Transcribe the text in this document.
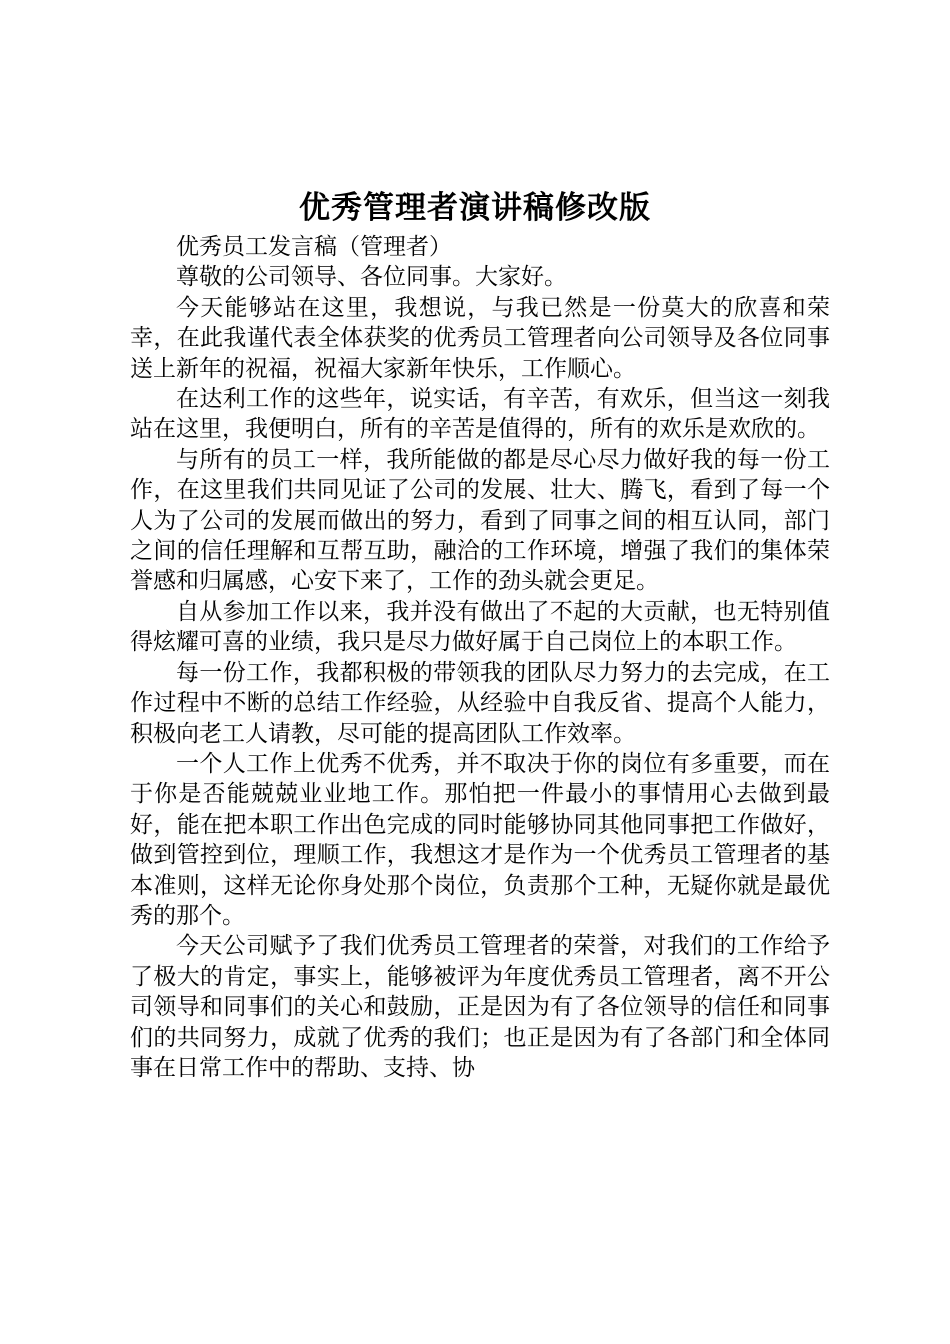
优秀管理者演讲稿修改版

优秀员工发言稿（管理者）

尊敬的公司领导、各位同事。大家好。

今天能够站在这里，我想说，与我已然是一份莫大的欣喜和荣幸，在此我谨代表全体获奖的优秀员工管理者向公司领导及各位同事送上新年的祝福，祝福大家新年快乐，工作顺心。

在达利工作的这些年，说实话，有辛苦，有欢乐，但当这一刻我站在这里，我便明白，所有的辛苦是值得的，所有的欢乐是欢欣的。

与所有的员工一样，我所能做的都是尽心尽力做好我的每一份工作，在这里我们共同见证了公司的发展、壮大、腾飞，看到了每一个人为了公司的发展而做出的努力，看到了同事之间的相互认同，部门之间的信任理解和互帮互助，融洽的工作环境，增强了我们的集体荣誉感和归属感，心安下来了，工作的劲头就会更足。

自从参加工作以来，我并没有做出了不起的大贡献，也无特别值得炫耀可喜的业绩，我只是尽力做好属于自己岗位上的本职工作。

每一份工作，我都积极的带领我的团队尽力努力的去完成，在工作过程中不断的总结工作经验，从经验中自我反省、提高个人能力，积极向老工人请教，尽可能的提高团队工作效率。

一个人工作上优秀不优秀，并不取决于你的岗位有多重要，而在于你是否能兢兢业业地工作。那怕把一件最小的事情用心去做到最好，能在把本职工作出色完成的同时能够协同其他同事把工作做好，做到管控到位，理顺工作，我想这才是作为一个优秀员工管理者的基本准则，这样无论你身处那个岗位，负责那个工种，无疑你就是最优秀的那个。

今天公司赋予了我们优秀员工管理者的荣誉，对我们的工作给予了极大的肯定，事实上，能够被评为年度优秀员工管理者，离不开公司领导和同事们的关心和鼓励，正是因为有了各位领导的信任和同事们的共同努力，成就了优秀的我们；也正是因为有了各部门和全体同事在日常工作中的帮助、支持、协
